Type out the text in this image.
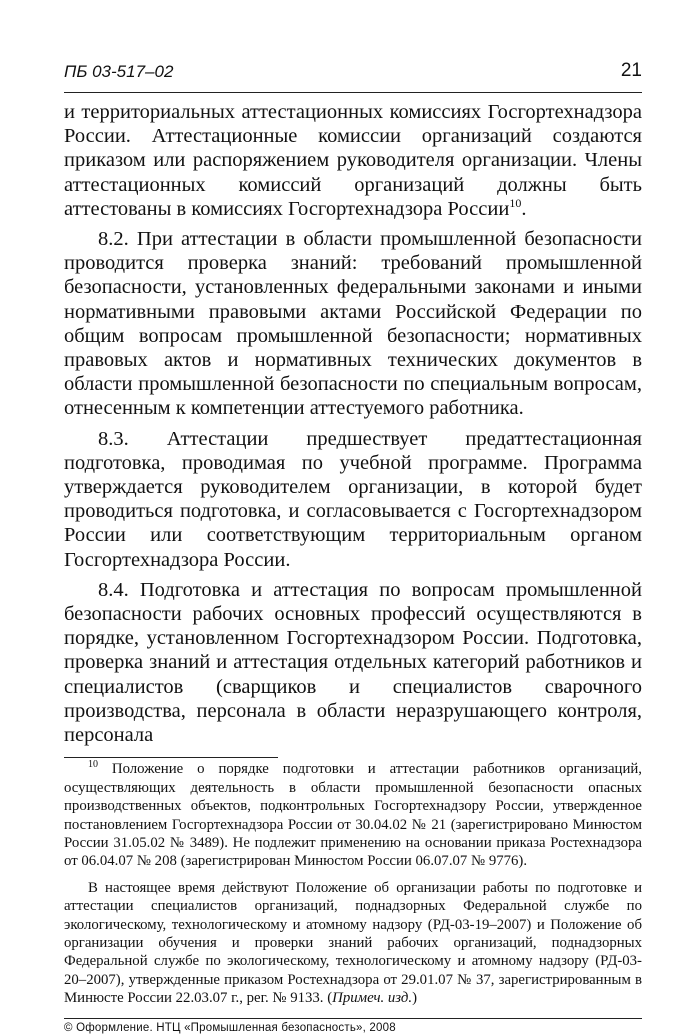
ПБ 03-517–02	21

и территориальных аттестационных комиссиях Госгортехнадзора России. Аттестационные комиссии организаций создаются приказом или распоряжением руководителя организации. Члены аттестационных комиссий организаций должны быть аттестованы в комиссиях Госгортехнадзора России$^{10}$.

8.2. При аттестации в области промышленной безопасности проводится проверка знаний: требований промышленной безопасности, установленных федеральными законами и иными нормативными правовыми актами Российской Федерации по общим вопросам промышленной безопасности; нормативных правовых актов и нормативных технических документов в области промышленной безопасности по специальным вопросам, отнесенным к компетенции аттестуемого работника.

8.3. Аттестации предшествует предаттестационная подготовка, проводимая по учебной программе. Программа утверждается руководителем организации, в которой будет проводиться подготовка, и согласовывается с Госгортехнадзором России или соответствующим территориальным органом Госгортехнадзора России.

8.4. Подготовка и аттестация по вопросам промышленной безопасности рабочих основных профессий осуществляются в порядке, установленном Госгортехнадзором России. Подготовка, проверка знаний и аттестация отдельных категорий работников и специалистов (сварщиков и специалистов сварочного производства, персонала в области неразрушающего контроля, персонала

$^{10}$ Положение о порядке подготовки и аттестации работников организаций, осуществляющих деятельность в области промышленной безопасности опасных производственных объектов, подконтрольных Госгортехнадзору России, утвержденное постановлением Госгортехнадзора России от 30.04.02 № 21 (зарегистрировано Минюстом России 31.05.02 № 3489). Не подлежит применению на основании приказа Ростехнадзора от 06.04.07 № 208 (зарегистрирован Минюстом России 06.07.07 № 9776).

В настоящее время действуют Положение об организации работы по подготовке и аттестации специалистов организаций, поднадзорных Федеральной службе по экологическому, технологическому и атомному надзору (РД-03-19–2007) и Положение об организации обучения и проверки знаний рабочих организаций, поднадзорных Федеральной службе по экологическому, технологическому и атомному надзору (РД-03-20–2007), утвержденные приказом Ростехнадзора от 29.01.07 № 37, зарегистрированным в Минюсте России 22.03.07 г., рег. № 9133. (Примеч. изд.)

© Оформление. НТЦ «Промышленная безопасность», 2008
